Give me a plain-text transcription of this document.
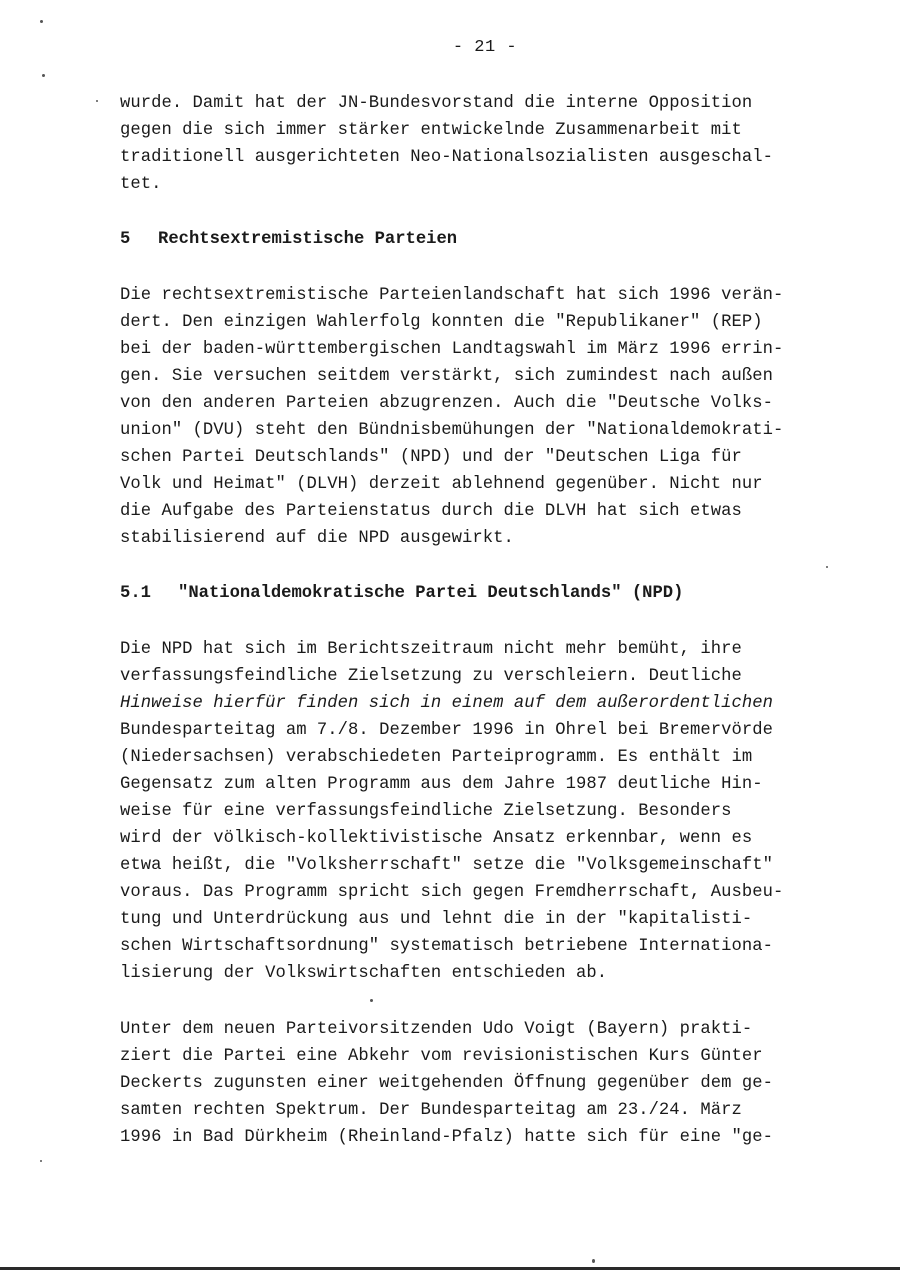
- 21 -

wurde. Damit hat der JN-Bundesvorstand die interne Opposition
gegen die sich immer stärker entwickelnde Zusammenarbeit mit
traditionell ausgerichteten Neo-Nationalsozialisten ausgeschal-
tet.

5 Rechtsextremistische Parteien

Die rechtsextremistische Parteienlandschaft hat sich 1996 verän-
dert. Den einzigen Wahlerfolg konnten die "Republikaner" (REP)
bei der baden-württembergischen Landtagswahl im März 1996 errin-
gen. Sie versuchen seitdem verstärkt, sich zumindest nach außen
von den anderen Parteien abzugrenzen. Auch die "Deutsche Volks-
union" (DVU) steht den Bündnisbemühungen der "Nationaldemokrati-
schen Partei Deutschlands" (NPD) und der "Deutschen Liga für
Volk und Heimat" (DLVH) derzeit ablehnend gegenüber. Nicht nur
die Aufgabe des Parteienstatus durch die DLVH hat sich etwas
stabilisierend auf die NPD ausgewirkt.

5.1 "Nationaldemokratische Partei Deutschlands" (NPD)

Die NPD hat sich im Berichtszeitraum nicht mehr bemüht, ihre
verfassungsfeindliche Zielsetzung zu verschleiern. Deutliche
Hinweise hierfür finden sich in einem auf dem außerordentlichen
Bundesparteitag am 7./8. Dezember 1996 in Ohrel bei Bremervörde
(Niedersachsen) verabschiedeten Parteiprogramm. Es enthält im
Gegensatz zum alten Programm aus dem Jahre 1987 deutliche Hin-
weise für eine verfassungsfeindliche Zielsetzung. Besonders
wird der völkisch-kollektivistische Ansatz erkennbar, wenn es
etwa heißt, die "Volksherrschaft" setze die "Volksgemeinschaft"
voraus. Das Programm spricht sich gegen Fremdherrschaft, Ausbeu-
tung und Unterdrückung aus und lehnt die in der "kapitalisti-
schen Wirtschaftsordnung" systematisch betriebene Internationa-
lisierung der Volkswirtschaften entschieden ab.

Unter dem neuen Parteivorsitzenden Udo Voigt (Bayern) prakti-
ziert die Partei eine Abkehr vom revisionistischen Kurs Günter
Deckerts zugunsten einer weitgehenden Öffnung gegenüber dem ge-
samten rechten Spektrum. Der Bundesparteitag am 23./24. März
1996 in Bad Dürkheim (Rheinland-Pfalz) hatte sich für eine "ge-
